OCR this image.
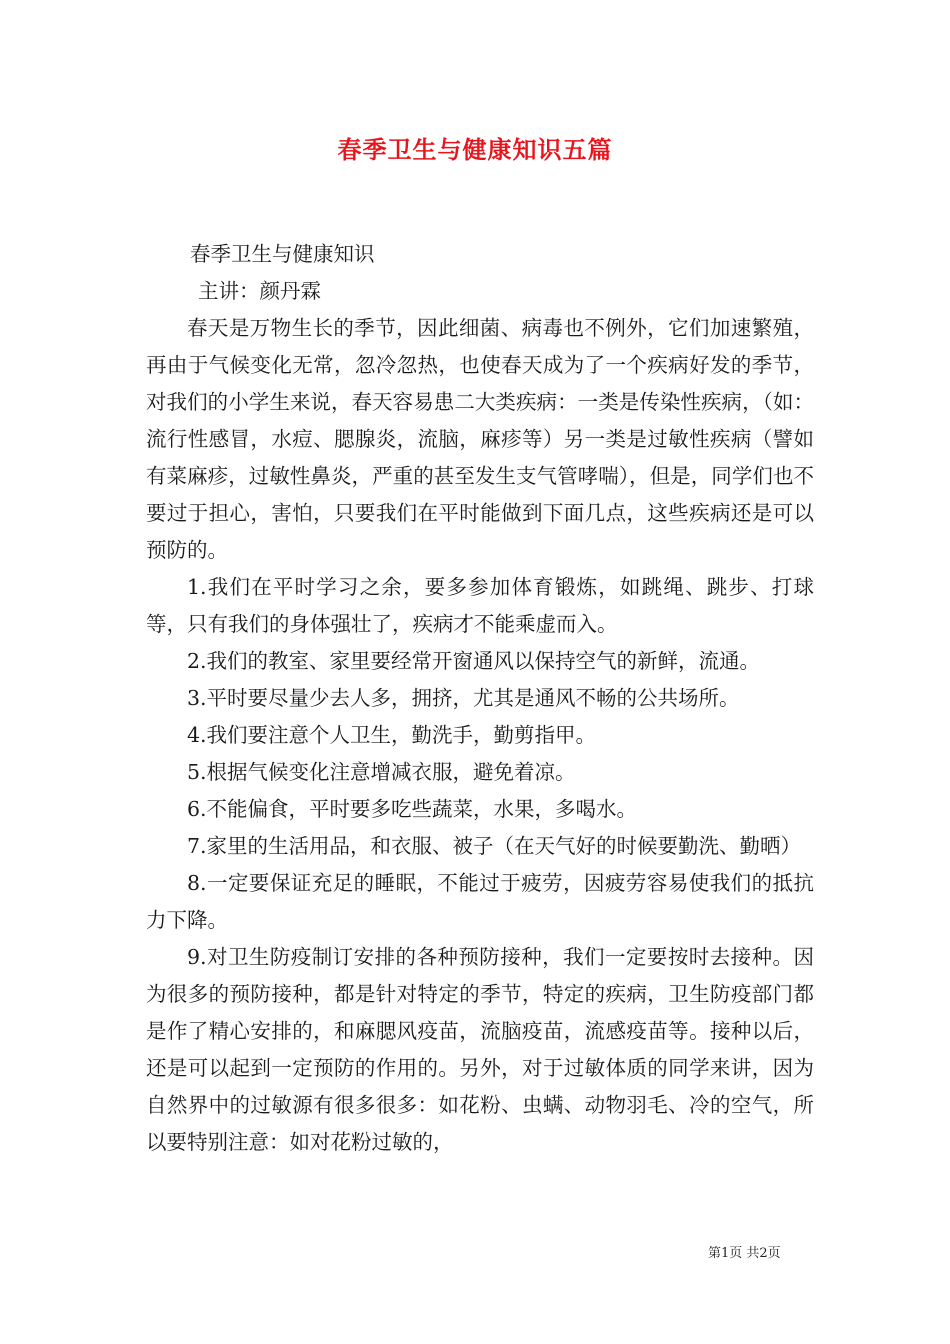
春季卫生与健康知识五篇

春季卫生与健康知识

主讲：颜丹霖

春天是万物生长的季节，因此细菌、病毒也不例外，它们加速繁殖，再由于气候变化无常，忽冷忽热，也使春天成为了一个疾病好发的季节，对我们的小学生来说，春天容易患二大类疾病：一类是传染性疾病，（如：流行性感冒，水痘、腮腺炎，流脑，麻疹等）另一类是过敏性疾病（譬如有菜麻疹，过敏性鼻炎，严重的甚至发生支气管哮喘），但是，同学们也不要过于担心，害怕，只要我们在平时能做到下面几点，这些疾病还是可以预防的。

1.我们在平时学习之余，要多参加体育锻炼，如跳绳、跳步、打球等，只有我们的身体强壮了，疾病才不能乘虚而入。

2.我们的教室、家里要经常开窗通风以保持空气的新鲜，流通。

3.平时要尽量少去人多，拥挤，尤其是通风不畅的公共场所。

4.我们要注意个人卫生，勤洗手，勤剪指甲。

5.根据气候变化注意增减衣服，避免着凉。

6.不能偏食，平时要多吃些蔬菜，水果，多喝水。

7.家里的生活用品，和衣服、被子（在天气好的时候要勤洗、勤晒）

8.一定要保证充足的睡眠，不能过于疲劳，因疲劳容易使我们的抵抗力下降。

9.对卫生防疫制订安排的各种预防接种，我们一定要按时去接种。因为很多的预防接种，都是针对特定的季节，特定的疾病，卫生防疫部门都是作了精心安排的，和麻腮风疫苗，流脑疫苗，流感疫苗等。接种以后，还是可以起到一定预防的作用的。另外，对于过敏体质的同学来讲，因为自然界中的过敏源有很多很多：如花粉、虫螨、动物羽毛、冷的空气，所以要特别注意：如对花粉过敏的，

第1页 共2页
